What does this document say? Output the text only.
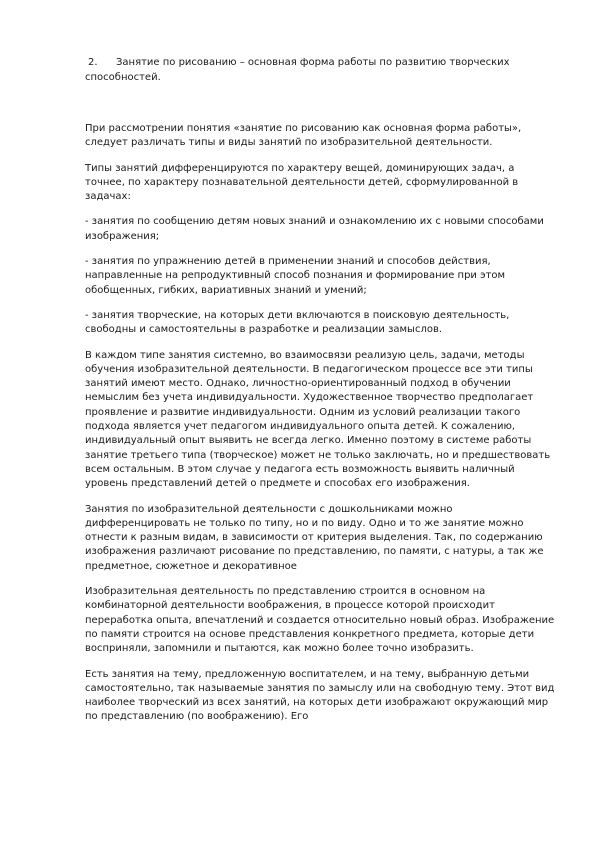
2. Занятие по рисованию – основная форма работы по развитию творческих
способностей.

При рассмотрении понятия «занятие по рисованию как основная форма работы», следует различать типы и виды занятий по изобразительной деятельности.

Типы занятий дифференцируются по характеру вещей, доминирующих задач, а точнее, по характеру познавательной деятельности детей, сформулированной в задачах:

- занятия по сообщению детям новых знаний и ознакомлению их с новыми способами изображения;

- занятия по упражнению детей в применении знаний и способов действия, направленные на репродуктивный способ познания и формирование при этом обобщенных, гибких, вариативных знаний и умений;

- занятия творческие, на которых дети включаются в поисковую деятельность, свободны и самостоятельны в разработке и реализации замыслов.

В каждом типе занятия системно, во взаимосвязи реализую цель, задачи, методы обучения изобразительной деятельности. В педагогическом процессе все эти типы занятий имеют место. Однако, личностно-ориентированный подход в обучении немыслим без учета индивидуальности. Художественное творчество предполагает проявление и развитие индивидуальности. Одним из условий реализации такого подхода является учет педагогом индивидуального опыта детей. К сожалению, индивидуальный опыт выявить не всегда легко. Именно поэтому в системе работы занятие третьего типа (творческое) может не только заключать, но и предшествовать всем остальным. В этом случае у педагога есть возможность выявить наличный уровень представлений детей о предмете и способах его изображения.

Занятия по изобразительной деятельности с дошкольниками можно дифференцировать не только по типу, но и по виду. Одно и то же занятие можно отнести к разным видам, в зависимости от критерия выделения. Так, по содержанию изображения различают рисование по представлению, по памяти, с натуры, а так же предметное, сюжетное и декоративное

Изобразительная деятельность по представлению строится в основном на комбинаторной деятельности воображения, в процессе которой происходит переработка опыта, впечатлений и создается относительно новый образ. Изображение по памяти строится на основе представления конкретного предмета, которые дети восприняли, запомнили и пытаются, как можно более точно изобразить.

Есть занятия на тему, предложенную воспитателем, и на тему, выбранную детьми самостоятельно, так называемые занятия по замыслу или на свободную тему. Этот вид наиболее творческий из всех занятий, на которых дети изображают окружающий мир по представлению (по воображению). Его
